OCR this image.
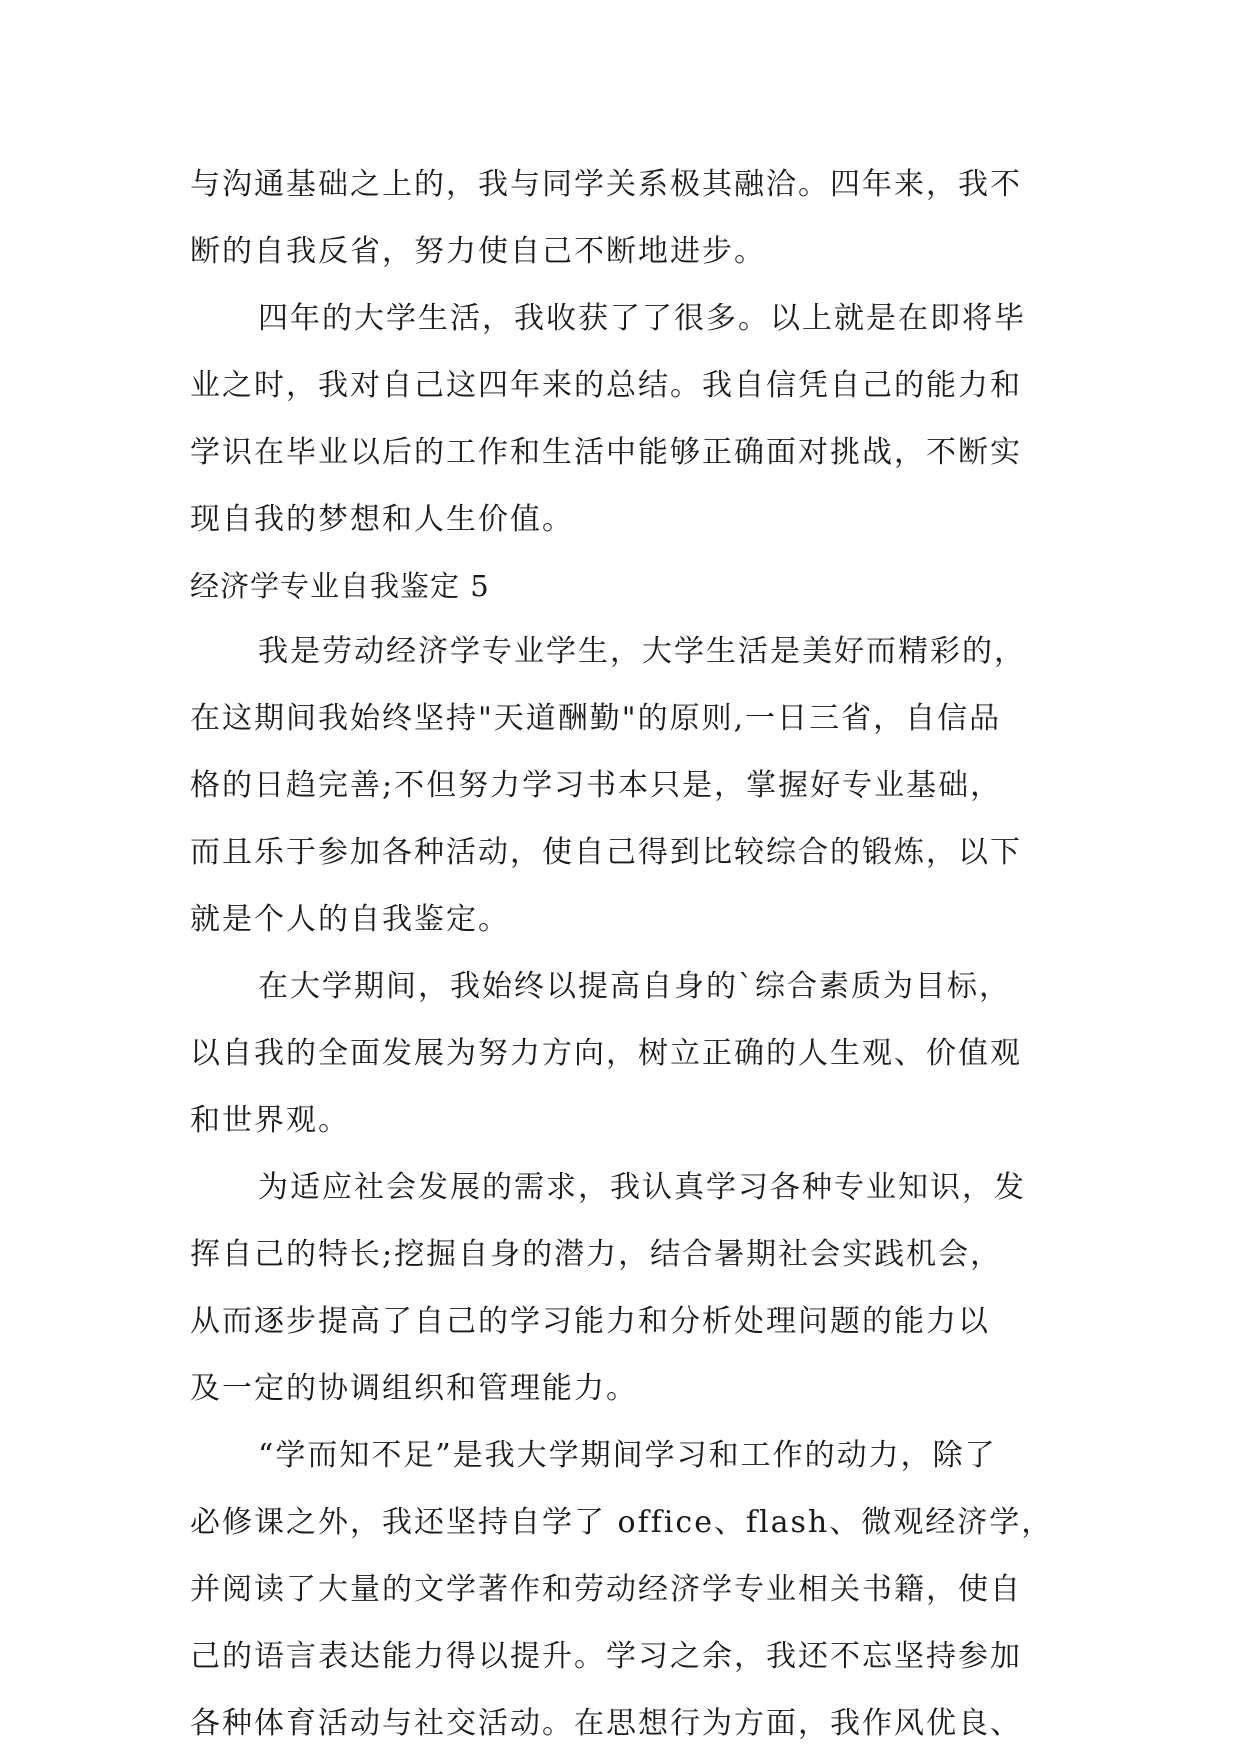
与沟通基础之上的，我与同学关系极其融洽。四年来，我不
断的自我反省，努力使自己不断地进步。
四年的大学生活，我收获了了很多。以上就是在即将毕
业之时，我对自己这四年来的总结。我自信凭自己的能力和
学识在毕业以后的工作和生活中能够正确面对挑战，不断实
现自我的梦想和人生价值。
经济学专业自我鉴定 5
我是劳动经济学专业学生，大学生活是美好而精彩的，
在这期间我始终坚持"天道酬勤"的原则,一日三省，自信品
格的日趋完善;不但努力学习书本只是，掌握好专业基础，
而且乐于参加各种活动，使自己得到比较综合的锻炼，以下
就是个人的自我鉴定。
在大学期间，我始终以提高自身的`综合素质为目标，
以自我的全面发展为努力方向，树立正确的人生观、价值观
和世界观。
为适应社会发展的需求，我认真学习各种专业知识，发
挥自己的特长;挖掘自身的潜力，结合暑期社会实践机会，
从而逐步提高了自己的学习能力和分析处理问题的能力以
及一定的协调组织和管理能力。
“学而知不足”是我大学期间学习和工作的动力，除了
必修课之外，我还坚持自学了 office、flash、微观经济学，
并阅读了大量的文学著作和劳动经济学专业相关书籍，使自
己的语言表达能力得以提升。学习之余，我还不忘坚持参加
各种体育活动与社交活动。在思想行为方面，我作风优良、
